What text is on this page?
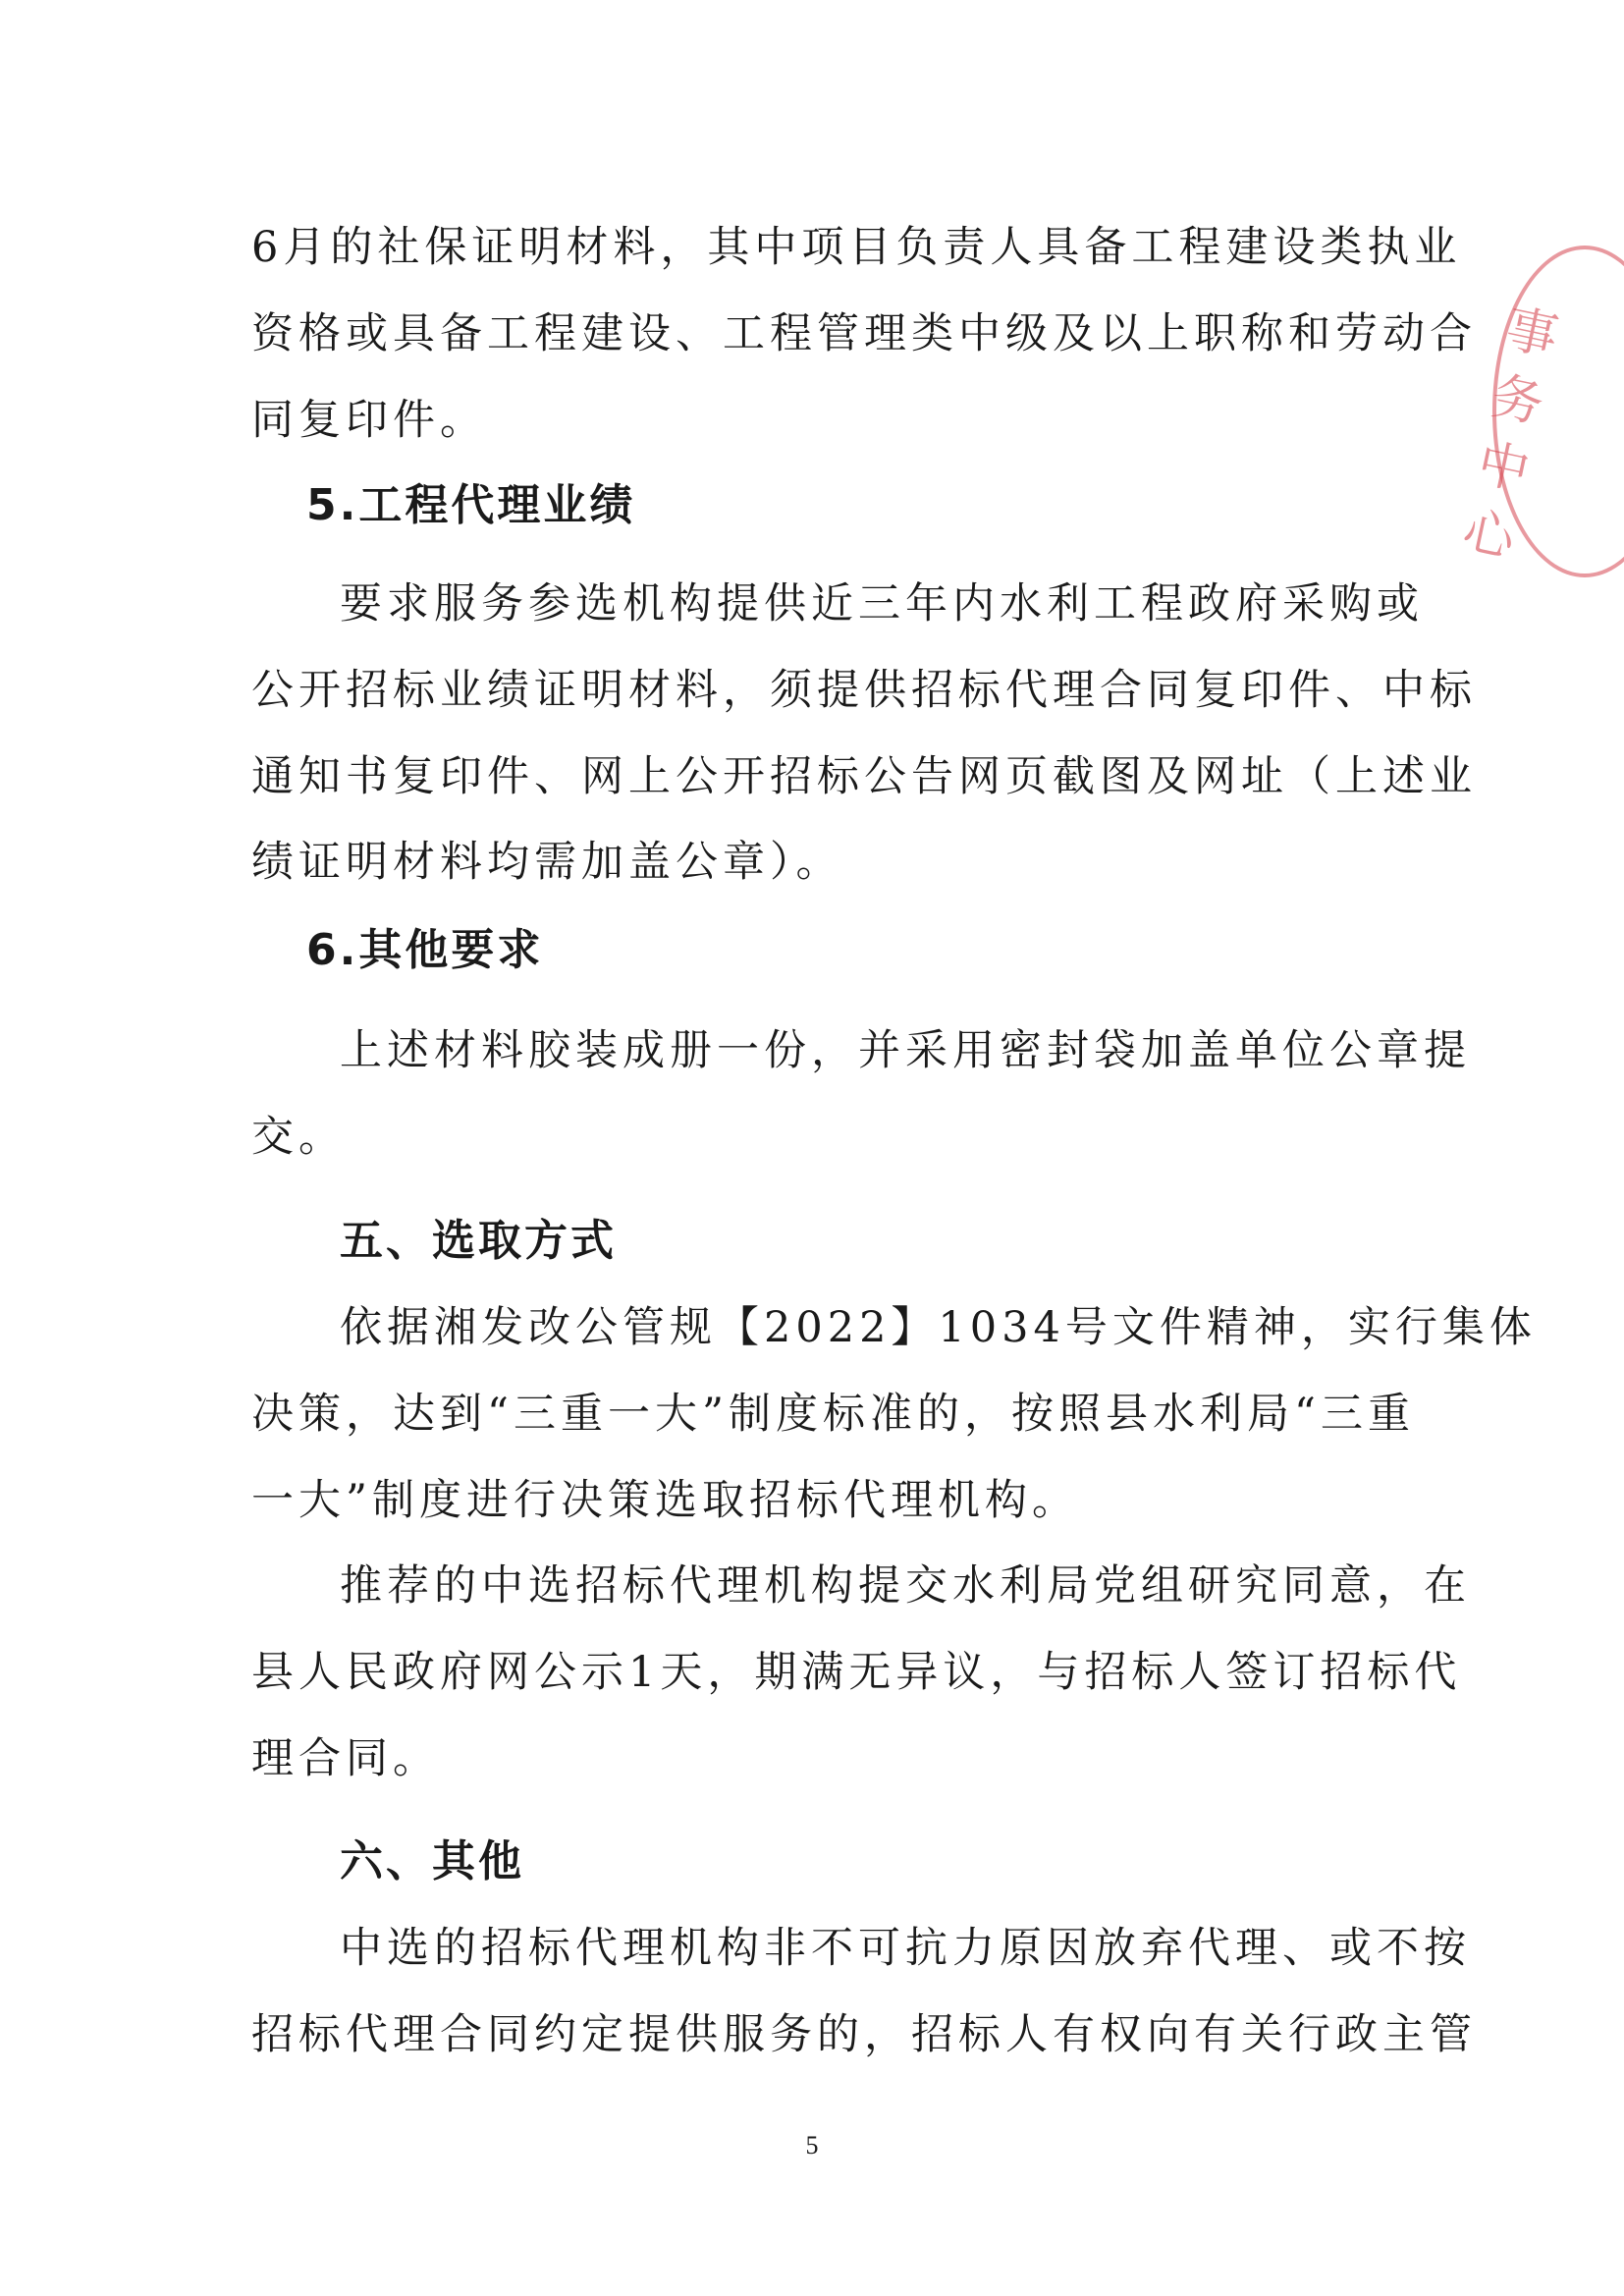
6月的社保证明材料，其中项目负责人具备工程建设类执业
资格或具备工程建设、工程管理类中级及以上职称和劳动合
同复印件。
5.工程代理业绩
要求服务参选机构提供近三年内水利工程政府采购或
公开招标业绩证明材料，须提供招标代理合同复印件、中标
通知书复印件、网上公开招标公告网页截图及网址（上述业
绩证明材料均需加盖公章）。
6.其他要求
上述材料胶装成册一份，并采用密封袋加盖单位公章提
交。
五、选取方式
依据湘发改公管规【2022】1034号文件精神，实行集体
决策，达到“三重一大”制度标准的，按照县水利局“三重
一大”制度进行决策选取招标代理机构。
推荐的中选招标代理机构提交水利局党组研究同意，在
县人民政府网公示1天，期满无异议，与招标人签订招标代
理合同。
六、其他
中选的招标代理机构非不可抗力原因放弃代理、或不按
招标代理合同约定提供服务的，招标人有权向有关行政主管
5
事务中心
